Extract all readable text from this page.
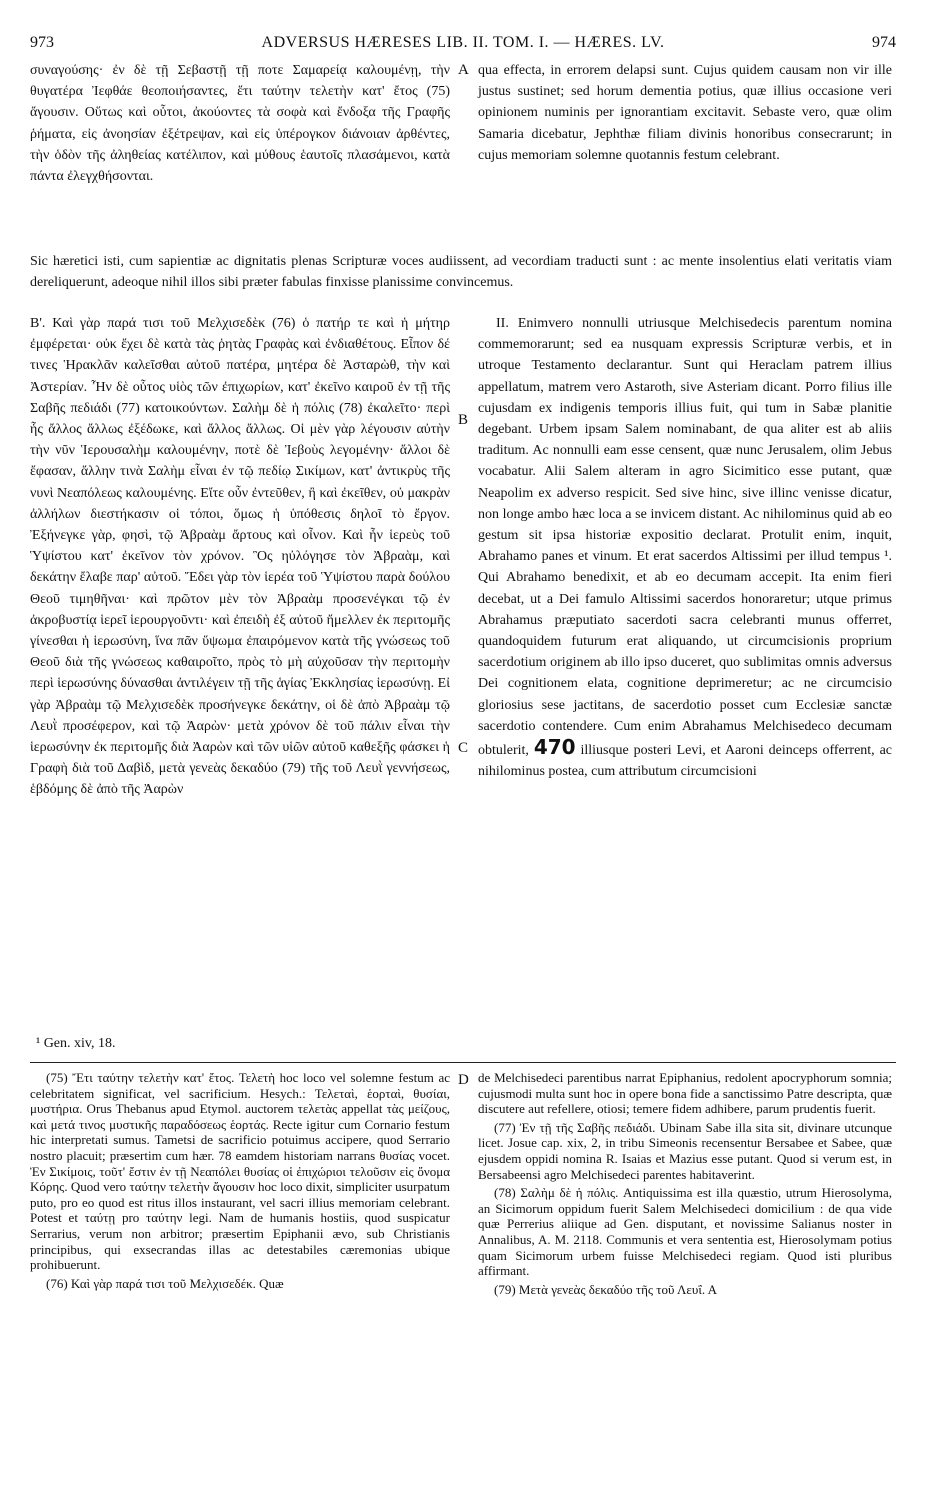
973	ADVERSUS HÆRESES LIB. II. TOM. I. — HÆRES. LV.	974

συναγούσης· ἐν δὲ τῇ Σεβαστῇ τῇ ποτε Σαμαρείᾳ καλουμένῃ, τὴν θυγατέρα Ἰεφθάε θεοποιήσαντες, ἔτι ταύτην τελετὴν κατ' ἔτος (75) ἄγουσιν. Οὕτως καὶ οὗτοι, ἀκούοντες τὰ σοφὰ καὶ ἔνδοξα τῆς Γραφῆς ῥήματα, εἰς ἀνοησίαν ἐξέτρεψαν, καὶ εἰς ὑπέρογκον διάνοιαν ἀρθέντες, τὴν ὁδὸν τῆς ἀληθείας κατέλιπον, καὶ μύθους ἑαυτοῖς πλασάμενοι, κατὰ πάντα ἐλεγχθήσονται.

A qua effecta, in errorem delapsi sunt. Cujus quidem causam non vir ille justus sustinet; sed horum dementia potius, quæ illius occasione veri opinionem numinis per ignorantiam excitavit. Sebaste vero, quæ olim Samaria dicebatur, Jephthæ filiam divinis honoribus consecrarunt; in cujus memoriam solemne quotannis festum celebrant.

Sic hæretici isti, cum sapientiæ ac dignitatis plenas Scripturæ voces audiissent, ad vecordiam traducti sunt : ac mente insolentius elati veritatis viam dereliquerunt, adeoque nihil illos sibi præter fabulas finxisse planissime convincemus.

Β'. Καὶ γὰρ παρά τισι τοῦ Μελχισεδὲκ (76) ὁ πατήρ τε καὶ ἡ μήτηρ ἐμφέρεται· οὐκ ἔχει δὲ κατὰ τὰς ῥητὰς Γραφὰς καὶ ἐνδιαθέτους. Εἶπον δέ τινες Ἡρακλᾶν καλεῖσθαι αὐτοῦ πατέρα, μητέρα δὲ Ἀσταρὼθ, τὴν καὶ Ἀστερίαν. Ἦν δὲ οὗτος υἱὸς τῶν ἐπιχωρίων, κατ' ἐκεῖνο καιροῦ ἐν τῇ τῆς Σαβῆς πεδιάδι (77) κατοικούντων. Σαλὴμ δὲ ἡ πόλις (78) ἐκαλεῖτο· περὶ ἧς ἄλλος ἄλλως ἐξέδωκε, καὶ ἄλλος ἄλλως. Οἱ μὲν γὰρ λέγουσιν αὐτὴν τὴν νῦν Ἱερουσαλὴμ καλουμένην, ποτὲ δὲ Ἰεβοὺς λεγομένην· ἄλλοι δὲ ἔφασαν, ἄλλην τινὰ Σαλὴμ εἶναι ἐν τῷ πεδίῳ Σικίμων, κατ' ἀντικρὺς τῆς νυνὶ Νεαπόλεως καλουμένης. Εἴτε οὖν ἐντεῦθεν, ἢ καὶ ἐκεῖθεν, οὐ μακρὰν ἀλλήλων διεστήκασιν οἱ τόποι, ὅμως ἡ ὑπόθεσις δηλοῖ τὸ ἔργον. Ἐξήνεγκε γὰρ, φησὶ, τῷ Ἀβραὰμ ἄρτους καὶ οἶνον. Καὶ ἦν ἱερεὺς τοῦ Ὑψίστου κατ' ἐκεῖνον τὸν χρόνον. Ὃς ηὐλόγησε τὸν Ἀβραὰμ, καὶ δεκάτην ἔλαβε παρ' αὐτοῦ. Ἔδει γὰρ τὸν ἱερέα τοῦ Ὑψίστου παρὰ δούλου Θεοῦ τιμηθῆναι· καὶ πρῶτον μὲν τὸν Ἀβραὰμ προσενέγκαι τῷ ἐν ἀκροβυστίᾳ ἱερεῖ ἱερουργοῦντι· καὶ ἐπειδὴ ἐξ αὐτοῦ ἤμελλεν ἐκ περιτομῆς γίνεσθαι ἡ ἱερωσύνη, ἵνα πᾶν ὕψωμα ἐπαιρόμενον κατὰ τῆς γνώσεως τοῦ Θεοῦ διὰ τῆς γνώσεως καθαιροῖτο, πρὸς τὸ μὴ αὐχοῦσαν τὴν περιτομὴν περὶ ἱερωσύνης δύνασθαι ἀντιλέγειν τῇ τῆς ἁγίας Ἐκκλησίας ἱερωσύνῃ. Εἰ γὰρ Ἀβραὰμ τῷ Μελχισεδὲκ προσήνεγκε δεκάτην, οἱ δὲ ἀπὸ Ἀβραὰμ τῷ Λευῒ προσέφερον, καὶ τῷ Ἀαρὼν· μετὰ χρόνον δὲ τοῦ πάλιν εἶναι τὴν ἱερωσύνην ἐκ περιτομῆς διὰ Ἀαρὼν καὶ τῶν υἱῶν αὐτοῦ καθεξῆς φάσκει ἡ Γραφὴ διὰ τοῦ Δαβὶδ, μετὰ γενεὰς δεκαδύο (79) τῆς τοῦ Λευῒ γεννήσεως, ἑβδόμης δὲ ἀπὸ τῆς Ἀαρὼν

B
C

II. Enimvero nonnulli utriusque Melchisedecis parentum nomina commemorarunt; sed ea nusquam expressis Scripturæ verbis, et in utroque Testamento declarantur. Sunt qui Heraclam patrem illius appellatum, matrem vero Astaroth, sive Asteriam dicant. Porro filius ille cujusdam ex indigenis temporis illius fuit, qui tum in Sabæ planitie degebant. Urbem ipsam Salem nominabant, de qua aliter est ab aliis traditum. Ac nonnulli eam esse censent, quæ nunc Jerusalem, olim Jebus vocabatur. Alii Salem alteram in agro Sicimitico esse putant, quæ Neapolim ex adverso respicit. Sed sive hinc, sive illinc venisse dicatur, non longe ambo hæc loca a se invicem distant. Ac nihilominus quid ab eo gestum sit ipsa historiæ expositio declarat. Protulit enim, inquit, Abrahamo panes et vinum. Et erat sacerdos Altissimi per illud tempus ¹. Qui Abrahamo benedixit, et ab eo decumam accepit. Ita enim fieri decebat, ut a Dei famulo Altissimi sacerdos honoraretur; utque primus Abrahamus præputiato sacerdoti sacra celebranti munus offerret, quandoquidem futurum erat aliquando, ut circumcisionis proprium sacerdotium originem ab illo ipso duceret, quo sublimitas omnis adversus Dei cognitionem elata, cognitione deprimeretur; ac ne circumcisio gloriosius sese jactitans, de sacerdotio posset cum Ecclesiæ sanctæ sacerdotio contendere. Cum enim Abrahamus Melchisedeco decumam obtulerit, 470 illiusque posteri Levi, et Aaroni deinceps offerrent, ac nihilominus postea, cum attributum circumcisioni

¹ Gen. xiv, 18.
D

(75) Ἔτι ταύτην τελετὴν κατ' ἔτος. Τελετὴ hoc loco vel solemne festum ac celebritatem significat, vel sacrificium. Hesych.: Τελεταὶ, ἑορταὶ, θυσίαι, μυστήρια. Orus Thebanus apud Etymol. auctorem τελετὰς appellat τὰς μείζους, καὶ μετά τινος μυστικῆς παραδόσεως ἑορτάς. Recte igitur cum Cornario festum hic interpretati sumus. Tametsi de sacrificio potuimus accipere, quod Serrario nostro placuit; præsertim cum hær. 78 eamdem historiam narrans θυσίας vocet. Ἐν Σικίμοις, τοῦτ' ἔστιν ἐν τῇ Νεαπόλει θυσίας οἱ ἐπιχώριοι τελοῦσιν εἰς ὄνομα Κόρης. Quod vero ταύτην τελετὴν ἄγουσιν hoc loco dixit, simpliciter usurpatum puto, pro eo quod est ritus illos instaurant, vel sacri illius memoriam celebrant. Potest et ταύτῃ pro ταύτην legi. Nam de humanis hostiis, quod suspicatur Serrarius, verum non arbitror; præsertim Epiphanii ævo, sub Christianis principibus, qui exsecrandas illas ac detestabiles cæremonias ubique prohibuerunt.

(76) Καὶ γὰρ παρά τισι τοῦ Μελχισεδέκ. Quæ

de Melchisedeci parentibus narrat Epiphanius, redolent apocryphorum somnia; cujusmodi multa sunt hoc in opere bona fide a sanctissimo Patre descripta, quæ discutere aut refellere, otiosi; temere fidem adhibere, parum prudentis fuerit.

(77) Ἐν τῇ τῆς Σαβῆς πεδιάδι. Ubinam Sabe illa sita sit, divinare utcunque licet. Josue cap. xix, 2, in tribu Simeonis recensentur Bersabee et Sabee, quæ ejusdem oppidi nomina R. Isaias et Mazius esse putant. Quod si verum est, in Bersabeensi agro Melchisedeci parentes habitaverint.

(78) Σαλὴμ δὲ ἡ πόλις. Antiquissima est illa quæstio, utrum Hierosolyma, an Sicimorum oppidum fuerit Salem Melchisedeci domicilium : de qua vide quæ Perrerius aliique ad Gen. disputant, et novissime Salianus noster in Annalibus, A. M. 2118. Communis et vera sententia est, Hierosolymam potius quam Sicimorum urbem fuisse Melchisedeci regiam. Quod isti pluribus affirmant.

(79) Μετὰ γενεὰς δεκαδύο τῆς τοῦ Λευΐ. Α
